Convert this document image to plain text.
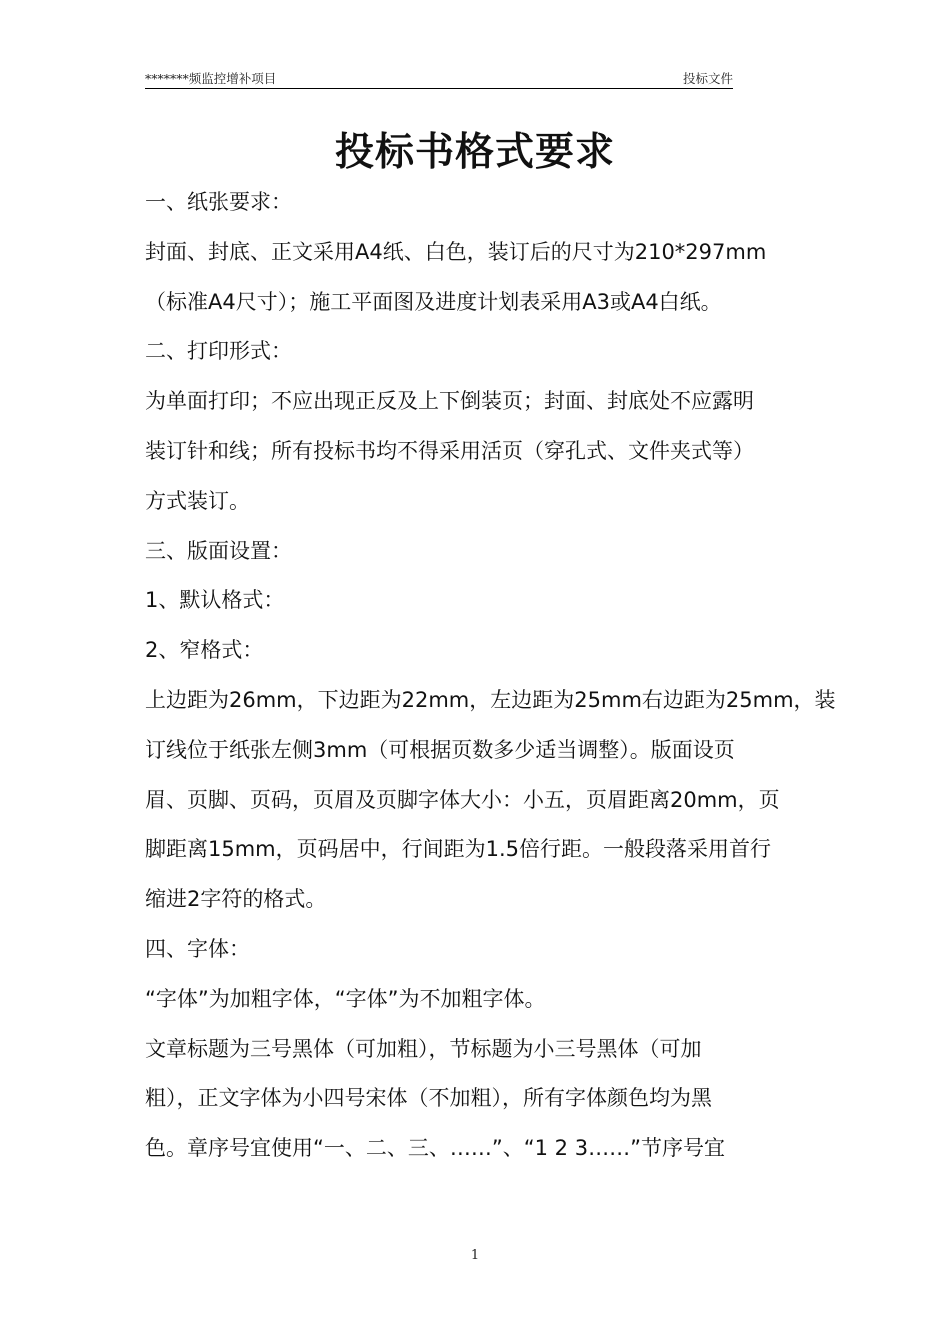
*******频监控增补项目	投标文件
投标书格式要求
一、纸张要求：
封面、封底、正文采用A4纸、白色，装订后的尺寸为210*297mm
（标准A4尺寸）；施工平面图及进度计划表采用A3或A4白纸。
二、打印形式：
为单面打印；不应出现正反及上下倒装页；封面、封底处不应露明
装订针和线；所有投标书均不得采用活页（穿孔式、文件夹式等）
方式装订。
三、版面设置：
1、默认格式：
2、窄格式：
上边距为26mm，下边距为22mm，左边距为25mm右边距为25mm，装
订线位于纸张左侧3mm（可根据页数多少适当调整）。版面设页
眉、页脚、页码，页眉及页脚字体大小：小五，页眉距离20mm，页
脚距离15mm，页码居中，行间距为1.5倍行距。一般段落采用首行
缩进2字符的格式。
四、字体：
“字体”为加粗字体，“字体”为不加粗字体。
文章标题为三号黑体（可加粗），节标题为小三号黑体（可加
粗），正文字体为小四号宋体（不加粗），所有字体颜色均为黑
色。章序号宜使用“一、二、三、……”、“1 2 3……”节序号宜
1
